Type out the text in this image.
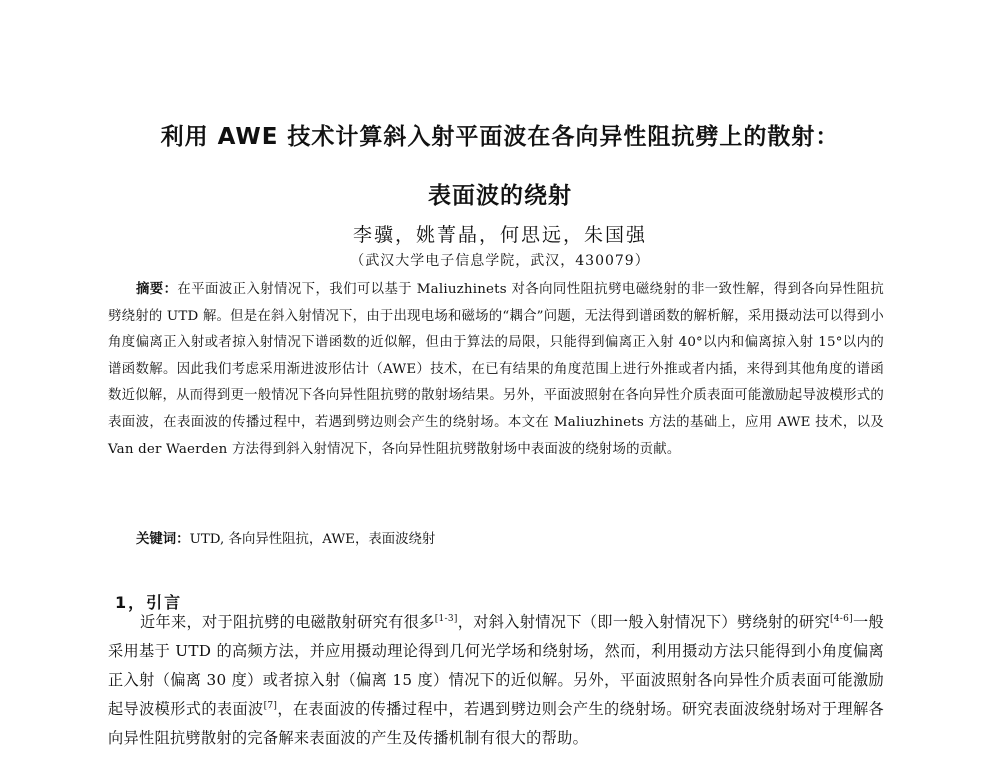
利用 AWE 技术计算斜入射平面波在各向异性阻抗劈上的散射：
表面波的绕射

李骥，姚菁晶，何思远，朱国强

（武汉大学电子信息学院，武汉，430079）

摘要：在平面波正入射情况下，我们可以基于 Maliuzhinets 对各向同性阻抗劈电磁绕射的非一致性解，得到各向异性阻抗劈绕射的 UTD 解。但是在斜入射情况下，由于出现电场和磁场的“耦合”问题，无法得到谱函数的解析解，采用摄动法可以得到小角度偏离正入射或者掠入射情况下谱函数的近似解，但由于算法的局限，只能得到偏离正入射 40°以内和偏离掠入射 15°以内的谱函数解。因此我们考虑采用渐进波形估计（AWE）技术，在已有结果的角度范围上进行外推或者内插，来得到其他角度的谱函数近似解，从而得到更一般情况下各向异性阻抗劈的散射场结果。另外，平面波照射在各向异性介质表面可能激励起导波模形式的表面波，在表面波的传播过程中，若遇到劈边则会产生的绕射场。本文在 Maliuzhinets 方法的基础上，应用 AWE 技术，以及 Van der Waerden 方法得到斜入射情况下，各向异性阻抗劈散射场中表面波的绕射场的贡献。

关键词：UTD, 各向异性阻抗，AWE，表面波绕射

1，引言

近年来，对于阻抗劈的电磁散射研究有很多[1-3]，对斜入射情况下（即一般入射情况下）劈绕射的研究[4-6]一般采用基于 UTD 的高频方法，并应用摄动理论得到几何光学场和绕射场，然而，利用摄动方法只能得到小角度偏离正入射（偏离 30 度）或者掠入射（偏离 15 度）情况下的近似解。另外，平面波照射各向异性介质表面可能激励起导波模形式的表面波[7]，在表面波的传播过程中，若遇到劈边则会产生的绕射场。研究表面波绕射场对于理解各向异性阻抗劈散射的完备解来表面波的产生及传播机制有很大的帮助。
